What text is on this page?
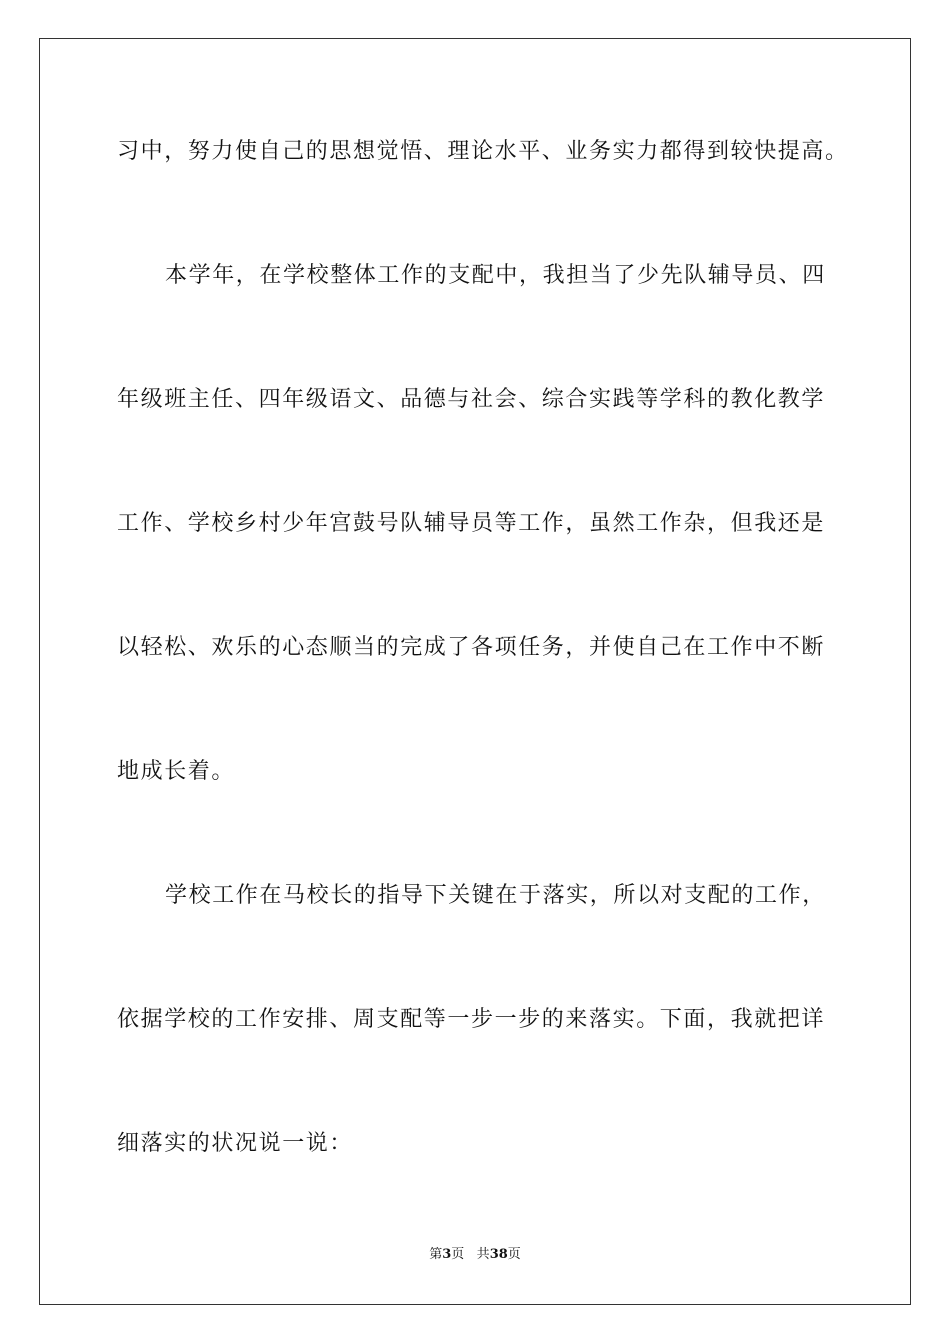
习中，努力使自己的思想觉悟、理论水平、业务实力都得到较快提高。
本学年，在学校整体工作的支配中，我担当了少先队辅导员、四
年级班主任、四年级语文、品德与社会、综合实践等学科的教化教学
工作、学校乡村少年宫鼓号队辅导员等工作，虽然工作杂，但我还是
以轻松、欢乐的心态顺当的完成了各项任务，并使自己在工作中不断
地成长着。
学校工作在马校长的指导下关键在于落实，所以对支配的工作，
依据学校的工作安排、周支配等一步一步的来落实。下面，我就把详
细落实的状况说一说：
第3页 共38页
